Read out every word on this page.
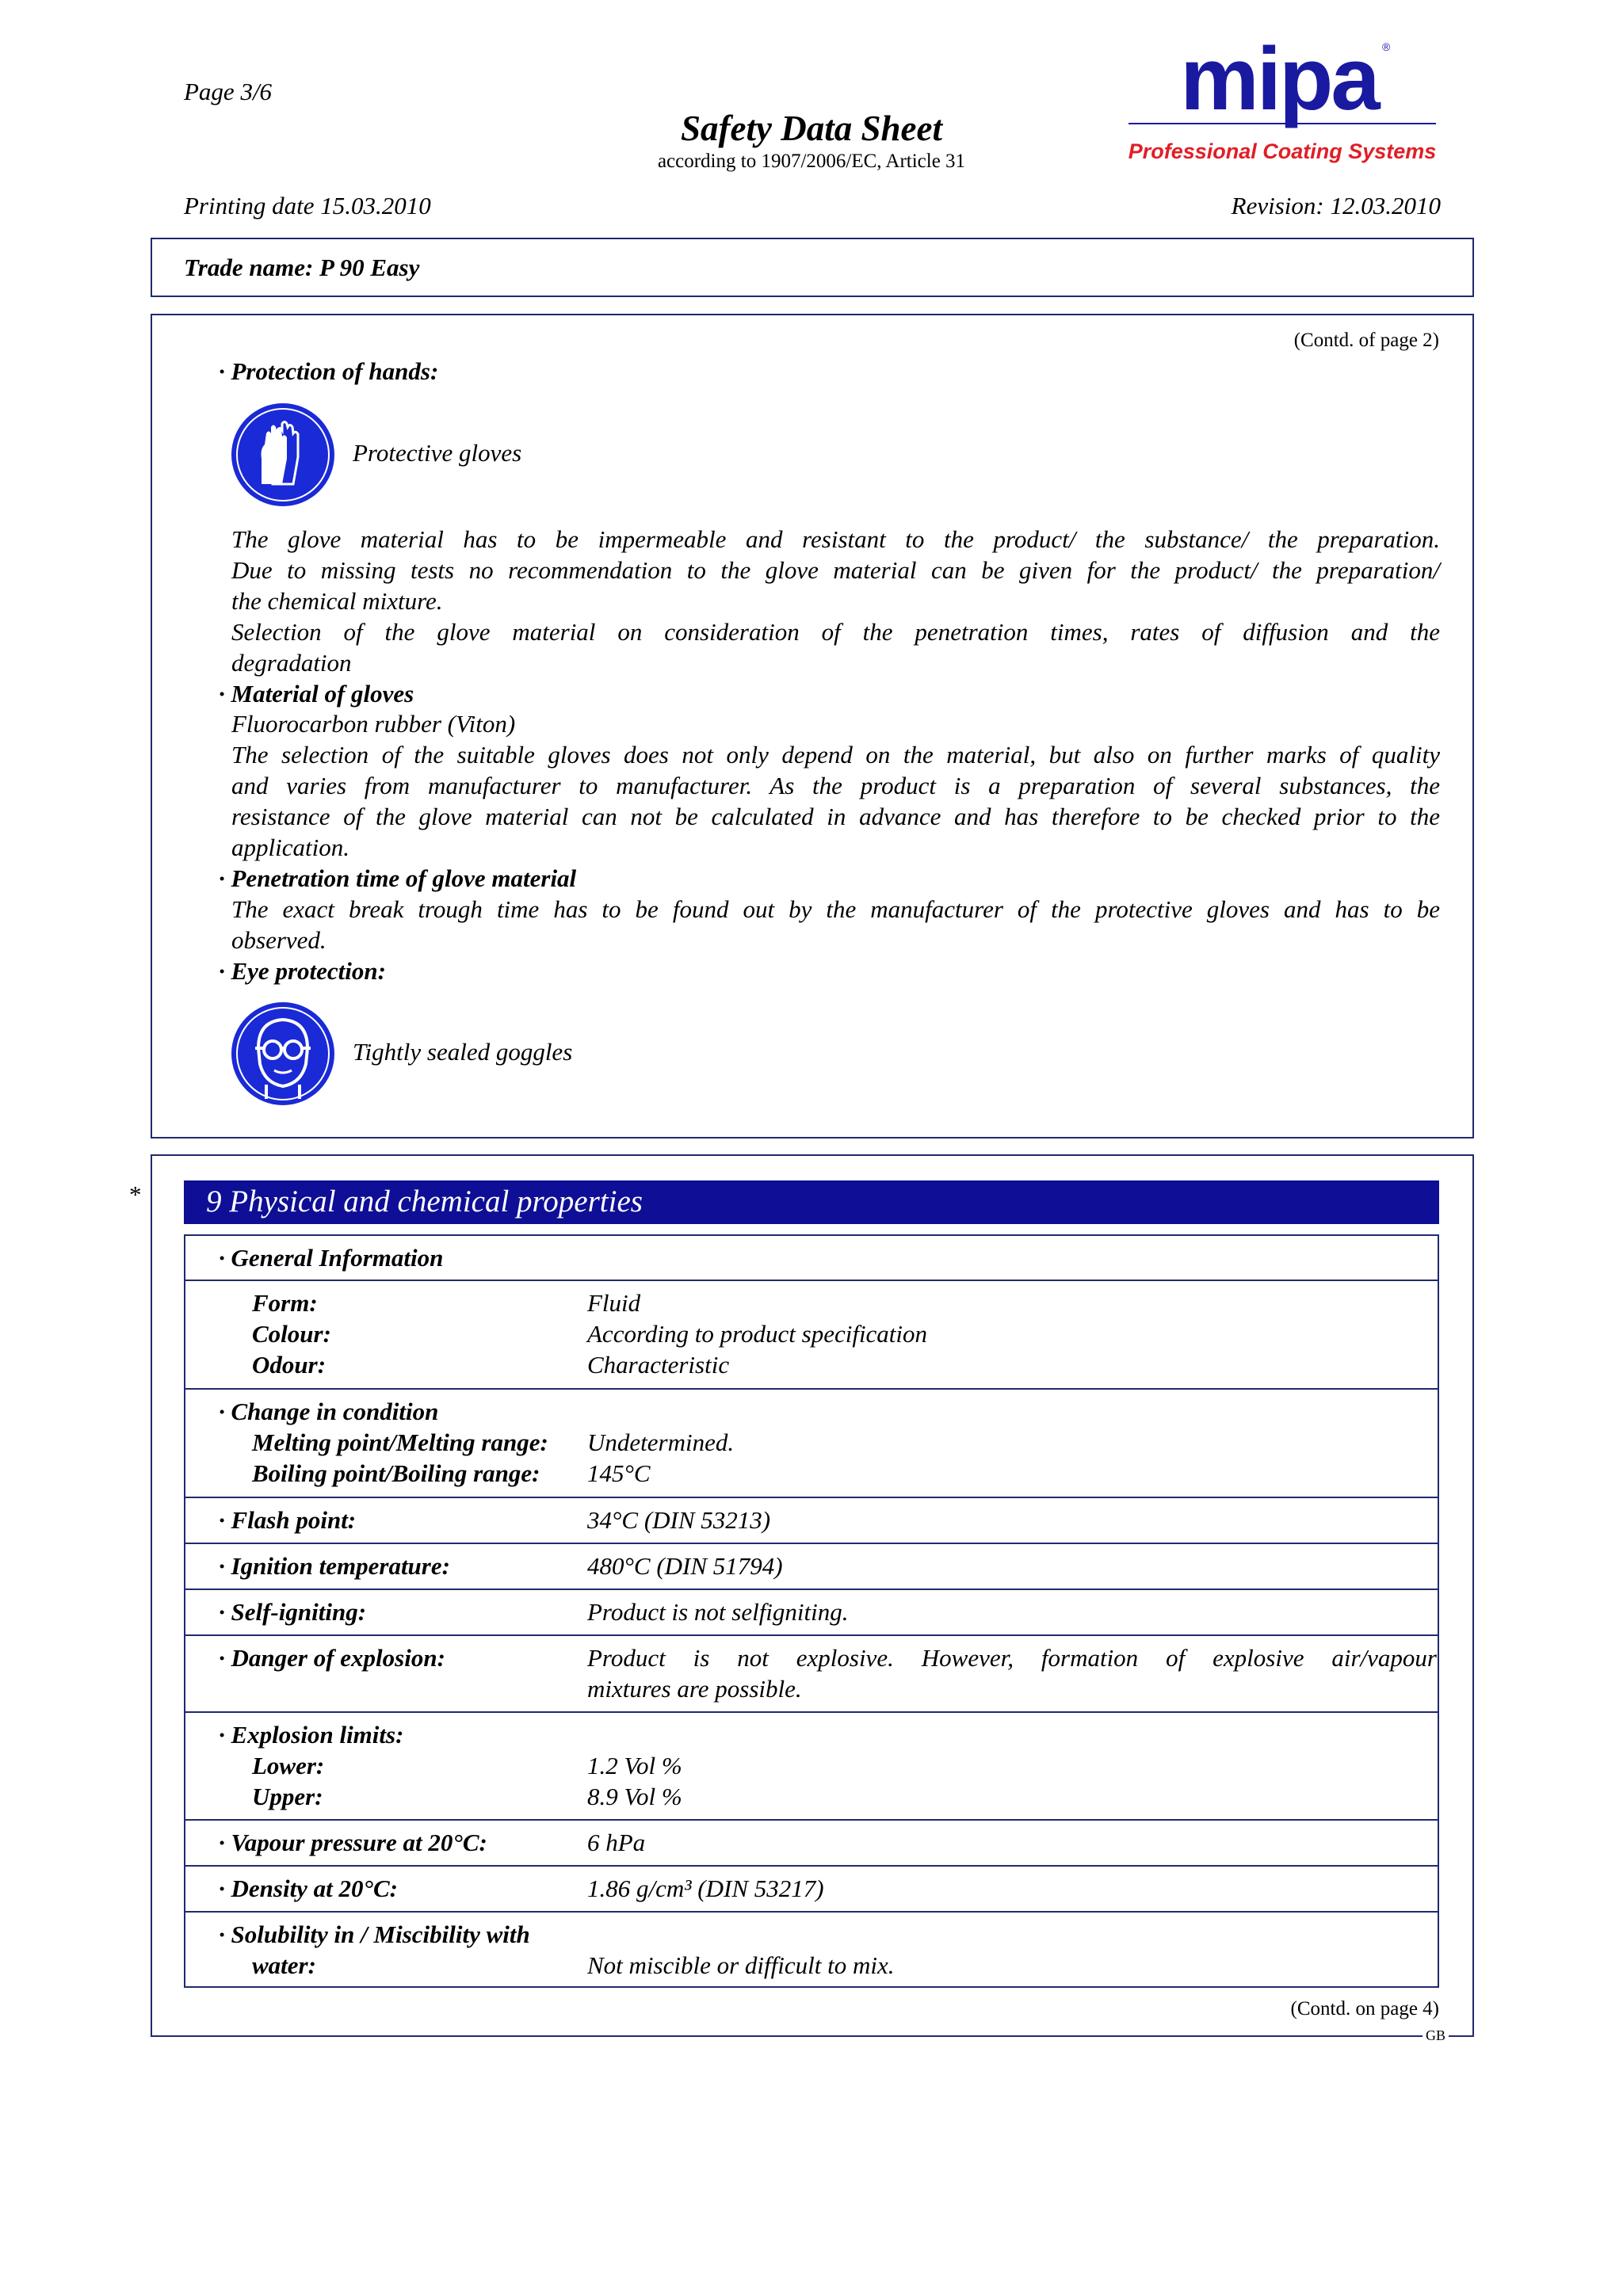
Page 3/6
Safety Data Sheet
according to 1907/2006/EC, Article 31
mipa ®
Professional Coating Systems
Printing date 15.03.2010	Revision: 12.03.2010
Trade name: P 90 Easy
(Contd. of page 2)
· Protection of hands:
Protective gloves
The glove material has to be impermeable and resistant to the product/ the substance/ the preparation.
Due to missing tests no recommendation to the glove material can be given for the product/ the preparation/
the chemical mixture.
Selection of the glove material on consideration of the penetration times, rates of diffusion and the
degradation
· Material of gloves
Fluorocarbon rubber (Viton)
The selection of the suitable gloves does not only depend on the material, but also on further marks of quality
and varies from manufacturer to manufacturer. As the product is a preparation of several substances, the
resistance of the glove material can not be calculated in advance and has therefore to be checked prior to the
application.
· Penetration time of glove material
The exact break trough time has to be found out by the manufacturer of the protective gloves and has to be
observed.
· Eye protection:
Tightly sealed goggles
* 9 Physical and chemical properties
· General Information
Form:	Fluid
Colour:	According to product specification
Odour:	Characteristic
· Change in condition
Melting point/Melting range: Undetermined.
Boiling point/Boiling range: 145°C
· Flash point:	34°C (DIN 53213)
· Ignition temperature:	480°C (DIN 51794)
· Self-igniting:	Product is not selfigniting.
· Danger of explosion:	Product is not explosive. However, formation of explosive air/vapour
mixtures are possible.
· Explosion limits:
Lower:	1.2 Vol %
Upper:	8.9 Vol %
· Vapour pressure at 20°C:	6 hPa
· Density at 20°C:	1.86 g/cm³ (DIN 53217)
· Solubility in / Miscibility with
water:	Not miscible or difficult to mix.
(Contd. on page 4)
GB
